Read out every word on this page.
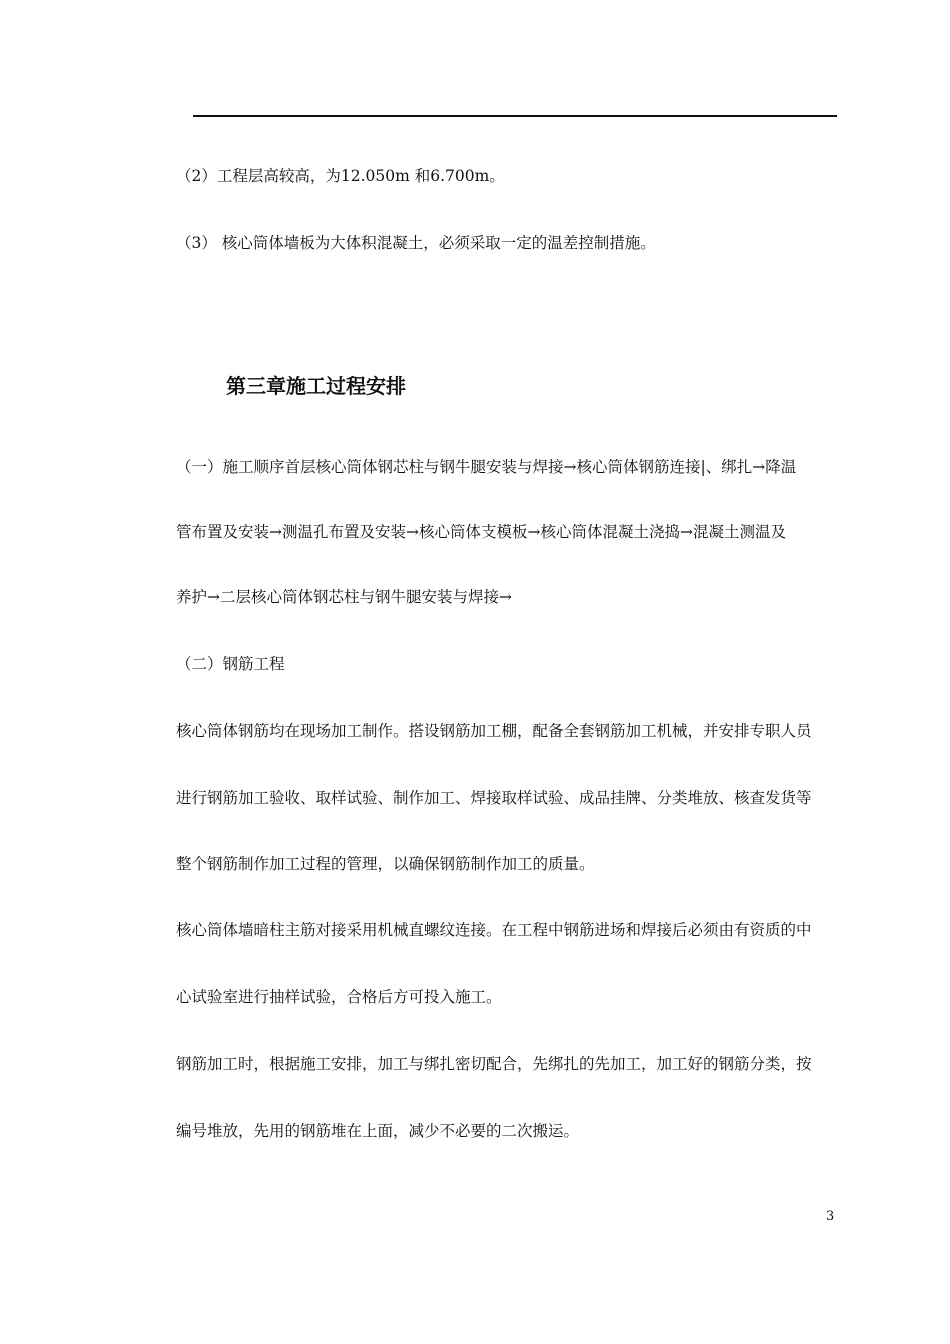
（2）工程层高较高，为12.050m 和6.700m。
（3） 核心筒体墙板为大体积混凝土，必须采取一定的温差控制措施。
第三章施工过程安排
（一）施工顺序首层核心筒体钢芯柱与钢牛腿安装与焊接→核心筒体钢筋连接|、绑扎→降温
管布置及安装→测温孔布置及安装→核心筒体支模板→核心筒体混凝土浇捣→混凝土测温及
养护→二层核心筒体钢芯柱与钢牛腿安装与焊接→
（二）钢筋工程
核心筒体钢筋均在现场加工制作。搭设钢筋加工棚，配备全套钢筋加工机械，并安排专职人员
进行钢筋加工验收、取样试验、制作加工、焊接取样试验、成品挂牌、分类堆放、核查发货等
整个钢筋制作加工过程的管理，以确保钢筋制作加工的质量。
核心筒体墙暗柱主筋对接采用机械直螺纹连接。在工程中钢筋进场和焊接后必须由有资质的中
心试验室进行抽样试验，合格后方可投入施工。
钢筋加工时，根据施工安排，加工与绑扎密切配合，先绑扎的先加工，加工好的钢筋分类，按
编号堆放，先用的钢筋堆在上面，减少不必要的二次搬运。
3
